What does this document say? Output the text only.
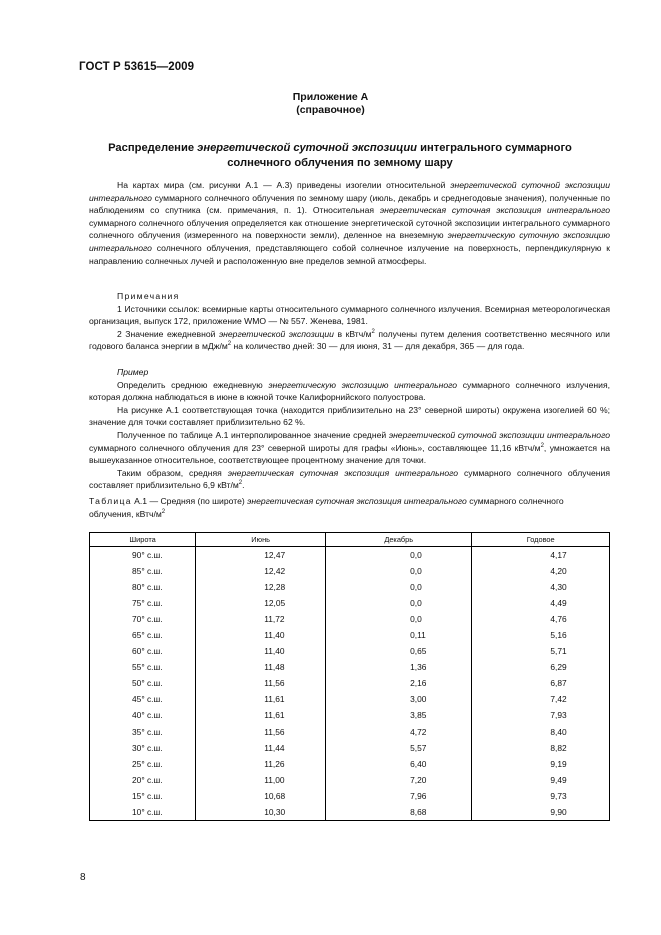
ГОСТ Р 53615—2009
Приложение А
(справочное)
Распределение энергетической суточной экспозиции интегрального суммарного солнечного облучения по земному шару

На картах мира (см. рисунки А.1 — А.3) приведены изогелии относительной энергетической суточной экспозиции интегрального суммарного солнечного облучения по земному шару (июль, декабрь и среднегодовые значения), полученные по наблюдениям со спутника (см. примечания, п. 1). Относительная энергетическая суточная экспозиция интегрального суммарного солнечного облучения определяется как отношение энергетической суточной экспозиции интегрального суммарного солнечного облучения (измеренного на поверхности земли), деленное на внеземную энергетическую суточную экспозицию интегрального солнечного облучения, представляющего собой солнечное излучение на поверхность, перпендикулярную к направлению солнечных лучей и расположенную вне пределов земной атмосферы.

Примечания

1 Источники ссылок: всемирные карты относительного суммарного солнечного излучения. Всемирная метеорологическая организация, выпуск 172, приложение WMO — № 557. Женева, 1981.

2 Значение ежедневной энергетической экспозиции в кВтч/$м^2$ получены путем деления соответственно месячного или годового баланса энергии в мДж/$м^2$ на количество дней: 30 — для июня, 31 — для декабря, 365 — для года.

Пример

Определить среднюю ежедневную энергетическую экспозицию интегрального суммарного солнечного излучения, которая должна наблюдаться в июне в южной точке Калифорнийского полуострова.

На рисунке А.1 соответствующая точка (находится приблизительно на 23° северной широты) окружена изогелией 60 %; значение для точки составляет приблизительно 62 %.

Полученное по таблице А.1 интерполированное значение средней энергетической суточной экспозиции интегрального суммарного солнечного облучения для 23° северной широты для графы «Июнь», составляющее 11,16 кВтч/$м^2$, умножается на вышеуказанное относительное, соответствующее процентному значение для точки.

Таким образом, средняя энергетическая суточная экспозиция интегрального суммарного солнечного облучения составляет приблизительно 6,9 кВт/$м^2$.

Таблица А.1 — Средняя (по широте) энергетическая суточная экспозиция интегрального суммарного солнечного облучения, кВтч/$м^2$
Широта	Июнь	Декабрь	Годовое
90° с.ш.	12,47	0,0	4,17
85° с.ш.	12,42	0,0	4,20
80° с.ш.	12,28	0,0	4,30
75° с.ш.	12,05	0,0	4,49
70° с.ш.	11,72	0,0	4,76
65° с.ш.	11,40	0,11	5,16
60° с.ш.	11,40	0,65	5,71
55° с.ш.	11,48	1,36	6,29
50° с.ш.	11,56	2,16	6,87
45° с.ш.	11,61	3,00	7,42
40° с.ш.	11,61	3,85	7,93
35° с.ш.	11,56	4,72	8,40
30° с.ш.	11,44	5,57	8,82
25° с.ш.	11,26	6,40	9,19
20° с.ш.	11,00	7,20	9,49
15° с.ш.	10,68	7,96	9,73
10° с.ш.	10,30	8,68	9,90
8
